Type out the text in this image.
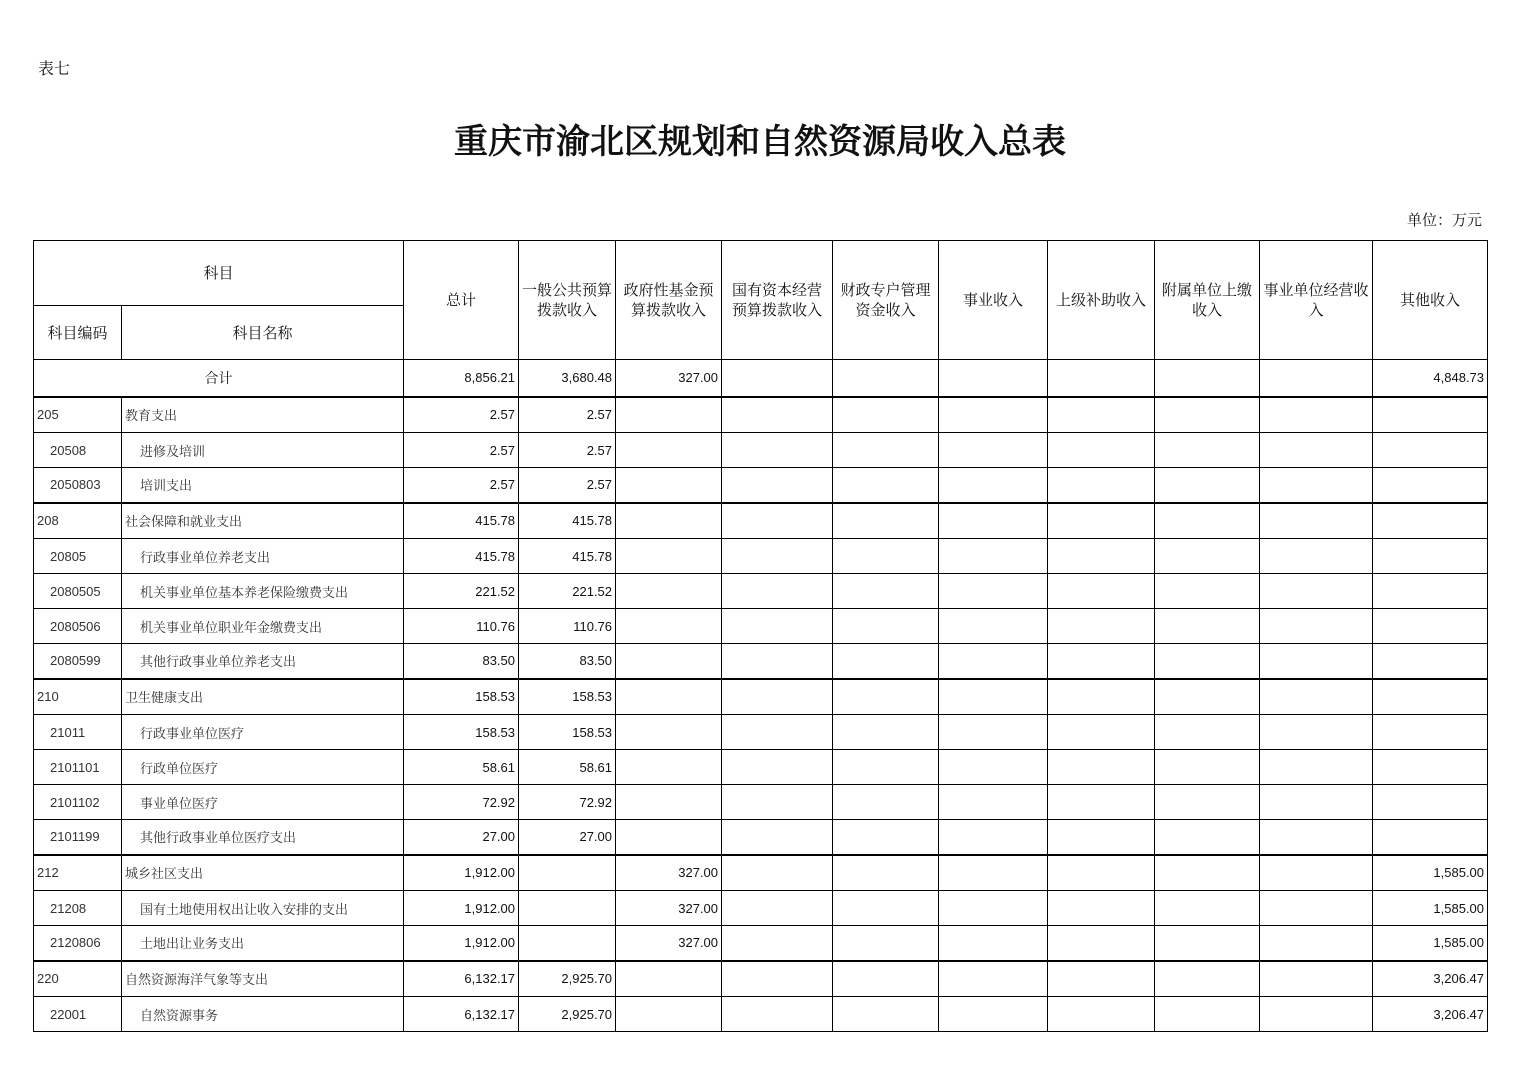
表七
重庆市渝北区规划和自然资源局收入总表
单位：万元
科目		总计	一般公共预算拨款收入	政府性基金预算拨款收入	国有资本经营预算拨款收入	财政专户管理资金收入	事业收入	上级补助收入	附属单位上缴收入	事业单位经营收入	其他收入
科目编码	科目名称										
合计		8,856.21	3,680.48	327.00							4,848.73
205	教育支出	2.57	2.57								
20508	进修及培训	2.57	2.57								
2050803	培训支出	2.57	2.57								
208	社会保障和就业支出	415.78	415.78								
20805	行政事业单位养老支出	415.78	415.78								
2080505	机关事业单位基本养老保险缴费支出	221.52	221.52								
2080506	机关事业单位职业年金缴费支出	110.76	110.76								
2080599	其他行政事业单位养老支出	83.50	83.50								
210	卫生健康支出	158.53	158.53								
21011	行政事业单位医疗	158.53	158.53								
2101101	行政单位医疗	58.61	58.61								
2101102	事业单位医疗	72.92	72.92								
2101199	其他行政事业单位医疗支出	27.00	27.00								
212	城乡社区支出	1,912.00		327.00							1,585.00
21208	国有土地使用权出让收入安排的支出	1,912.00		327.00							1,585.00
2120806	土地出让业务支出	1,912.00		327.00							1,585.00
220	自然资源海洋气象等支出	6,132.17	2,925.70								3,206.47
22001	自然资源事务	6,132.17	2,925.70								3,206.47
